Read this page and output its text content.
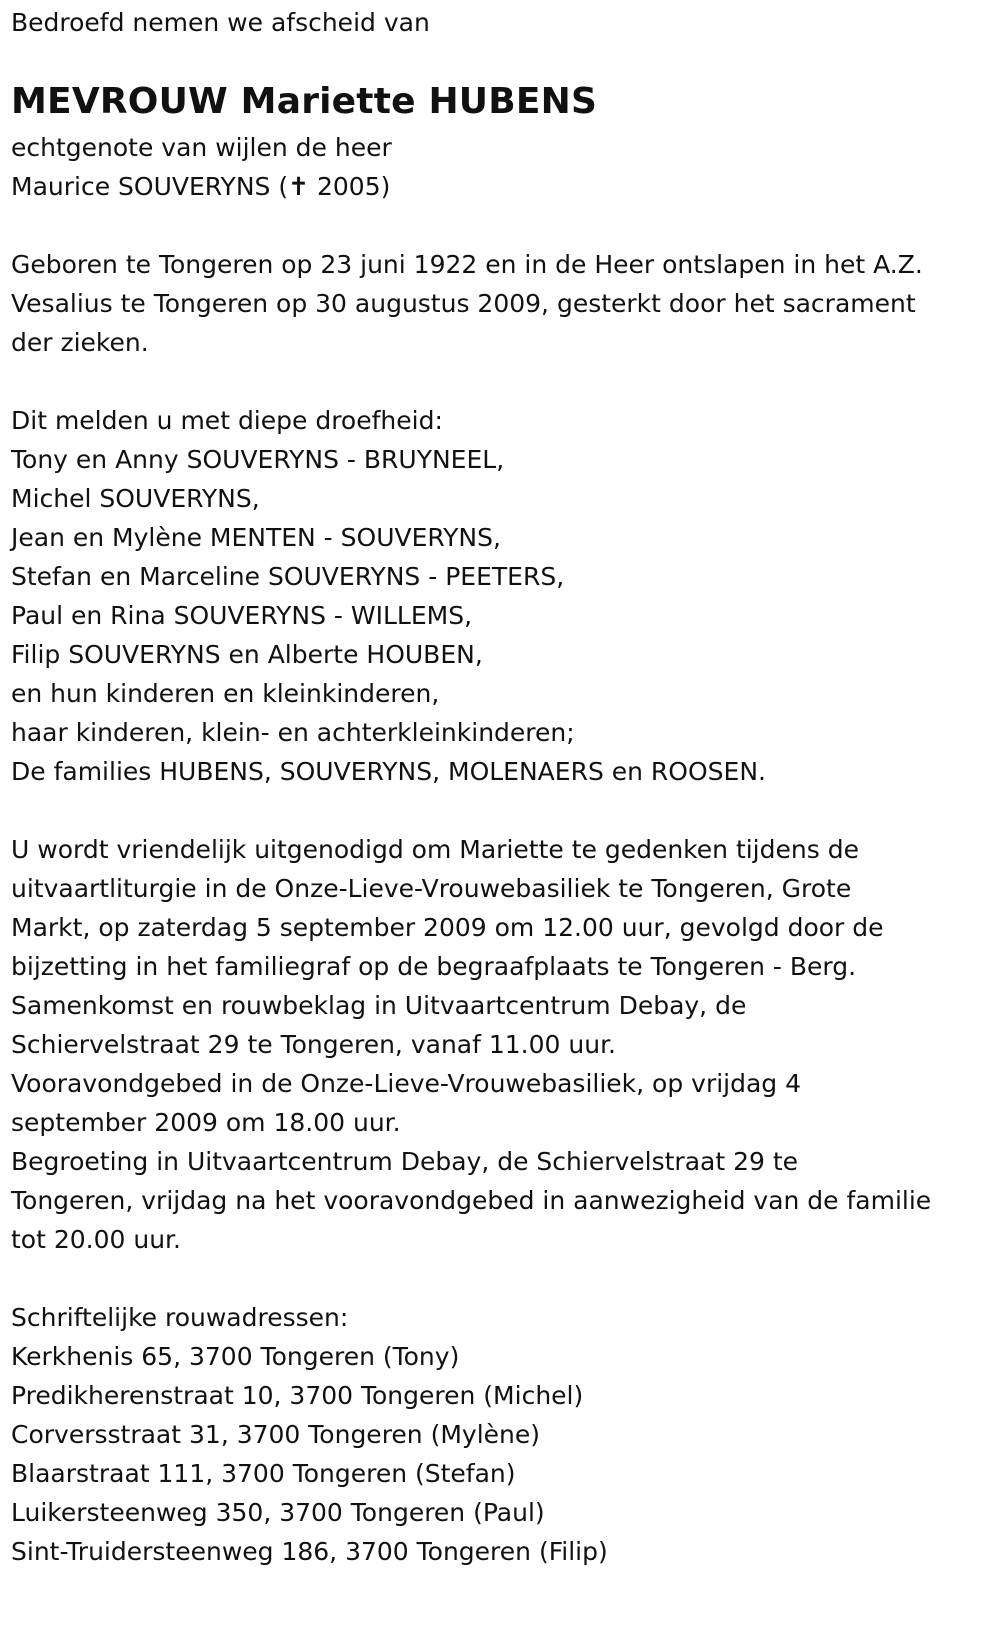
Bedroefd nemen we afscheid van
MEVROUW Mariette HUBENS
echtgenote van wijlen de heer
Maurice SOUVERYNS (✝ 2005)
Geboren te Tongeren op 23 juni 1922 en in de Heer ontslapen in het A.Z.
Vesalius te Tongeren op 30 augustus 2009, gesterkt door het sacrament
der zieken.
Dit melden u met diepe droefheid:
Tony en Anny SOUVERYNS - BRUYNEEL,
Michel SOUVERYNS,
Jean en Mylène MENTEN - SOUVERYNS,
Stefan en Marceline SOUVERYNS - PEETERS,
Paul en Rina SOUVERYNS - WILLEMS,
Filip SOUVERYNS en Alberte HOUBEN,
en hun kinderen en kleinkinderen,
haar kinderen, klein- en achterkleinkinderen;
De families HUBENS, SOUVERYNS, MOLENAERS en ROOSEN.
U wordt vriendelijk uitgenodigd om Mariette te gedenken tijdens de
uitvaartliturgie in de Onze-Lieve-Vrouwebasiliek te Tongeren, Grote
Markt, op zaterdag 5 september 2009 om 12.00 uur, gevolgd door de
bijzetting in het familiegraf op de begraafplaats te Tongeren - Berg.
Samenkomst en rouwbeklag in Uitvaartcentrum Debay, de
Schiervelstraat 29 te Tongeren, vanaf 11.00 uur.
Vooravondgebed in de Onze-Lieve-Vrouwebasiliek, op vrijdag 4
september 2009 om 18.00 uur.
Begroeting in Uitvaartcentrum Debay, de Schiervelstraat 29 te
Tongeren, vrijdag na het vooravondgebed in aanwezigheid van de familie
tot 20.00 uur.
Schriftelijke rouwadressen:
Kerkhenis 65, 3700 Tongeren (Tony)
Predikherenstraat 10, 3700 Tongeren (Michel)
Corversstraat 31, 3700 Tongeren (Mylène)
Blaarstraat 111, 3700 Tongeren (Stefan)
Luikersteenweg 350, 3700 Tongeren (Paul)
Sint-Truidersteenweg 186, 3700 Tongeren (Filip)
